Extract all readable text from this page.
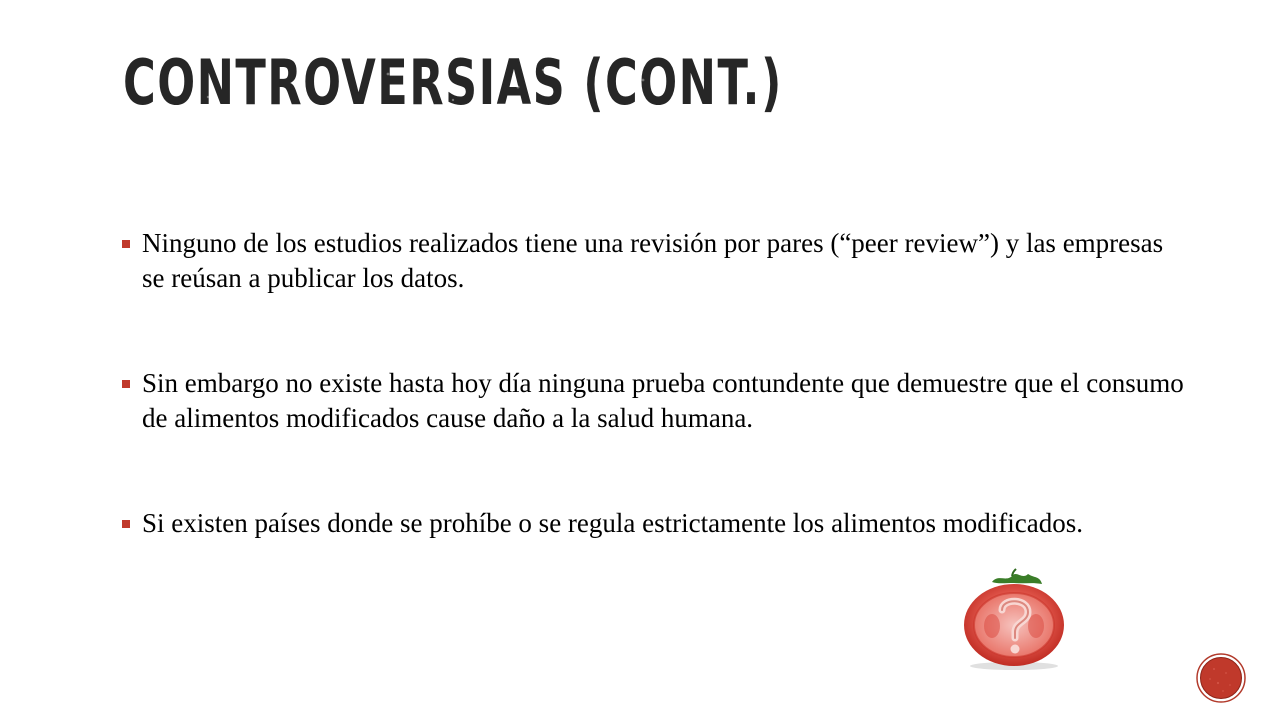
CONTROVERSIAS (CONT.)
Ninguno de los estudios realizados tiene una revisión por pares (“peer review”) y las empresas se reúsan a publicar los datos.
Sin embargo no existe hasta hoy día ninguna prueba contundente que demuestre que el consumo de alimentos modificados cause daño a la salud humana.
Si existen países donde se prohíbe o se regula estrictamente los alimentos modificados.
